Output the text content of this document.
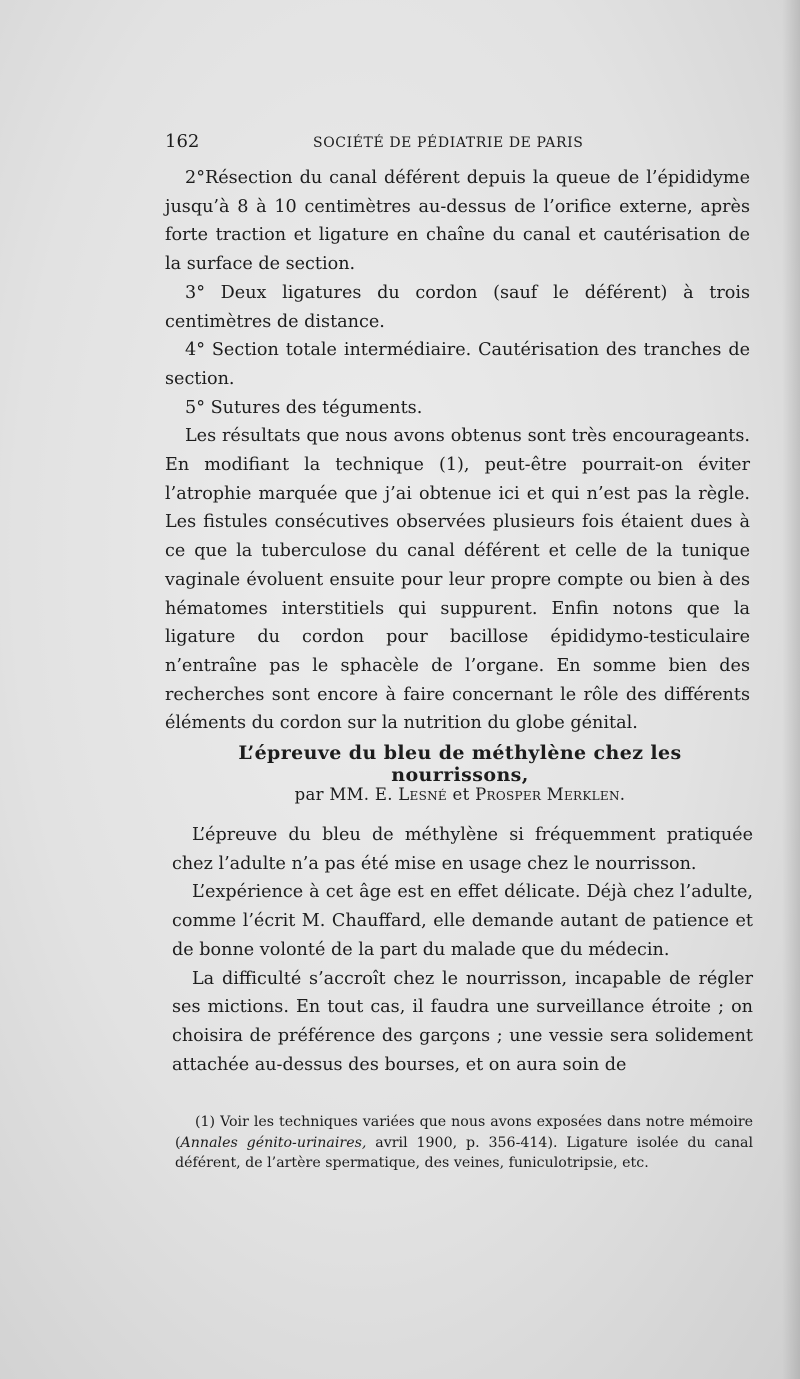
162	SOCIÉTÉ DE PÉDIATRIE DE PARIS

2°Résection du canal déférent depuis la queue de l’épididyme jusqu’à 8 à 10 centimètres au-dessus de l’orifice externe, après forte traction et ligature en chaîne du canal et cautérisation de la surface de section.

3° Deux ligatures du cordon (sauf le déférent) à trois centimètres de distance.

4° Section totale intermédiaire. Cautérisation des tranches de section.

5° Sutures des téguments.

Les résultats que nous avons obtenus sont très encourageants. En modifiant la technique (1), peut-être pourrait-on éviter l’atrophie marquée que j’ai obtenue ici et qui n’est pas la règle. Les fistules consécutives observées plusieurs fois étaient dues à ce que la tuberculose du canal déférent et celle de la tunique vaginale évoluent ensuite pour leur propre compte ou bien à des hématomes interstitiels qui suppurent. Enfin notons que la ligature du cordon pour bacillose épididymo-testiculaire n’entraîne pas le sphacèle de l’organe. En somme bien des recherches sont encore à faire concernant le rôle des différents éléments du cordon sur la nutrition du globe génital.

L’épreuve du bleu de méthylène chez les nourrissons,
par MM. E. Lesné et Prosper Merklen.

L’épreuve du bleu de méthylène si fréquemment pratiquée chez l’adulte n’a pas été mise en usage chez le nourrisson.

L’expérience à cet âge est en effet délicate. Déjà chez l’adulte, comme l’écrit M. Chauffard, elle demande autant de patience et de bonne volonté de la part du malade que du médecin.

La difficulté s’accroît chez le nourrisson, incapable de régler ses mictions. En tout cas, il faudra une surveillance étroite ; on choisira de préférence des garçons ; une vessie sera solidement attachée au-dessus des bourses, et on aura soin de

(1) Voir les techniques variées que nous avons exposées dans notre mémoire (Annales génito-urinaires, avril 1900, p. 356-414). Ligature isolée du canal déférent, de l’artère spermatique, des veines, funiculotripsie, etc.
